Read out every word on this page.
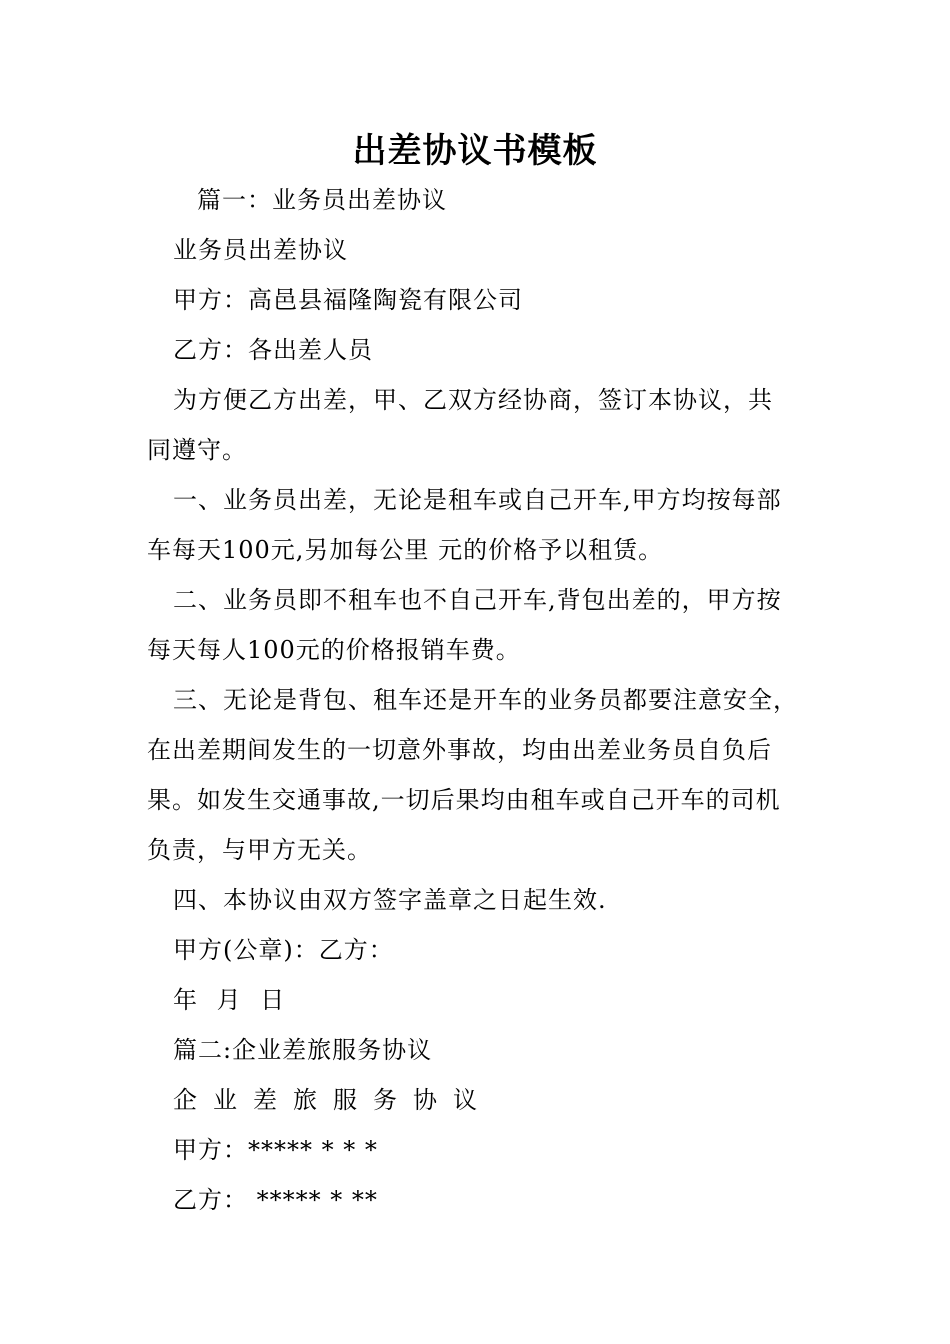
出差协议书模板
篇一：业务员出差协议
业务员出差协议
甲方：高邑县福隆陶瓷有限公司
乙方：各出差人员
为方便乙方出差，甲、乙双方经协商，签订本协议，共
同遵守。
一、业务员出差，无论是租车或自己开车,甲方均按每部
车每天100元,另加每公里 元的价格予以租赁。
二、业务员即不租车也不自己开车,背包出差的，甲方按
每天每人100元的价格报销车费。
三、无论是背包、租车还是开车的业务员都要注意安全，
在出差期间发生的一切意外事故，均由出差业务员自负后
果。如发生交通事故,一切后果均由租车或自己开车的司机
负责，与甲方无关。
四、本协议由双方签字盖章之日起生效.
甲方(公章)：乙方：
年 月 日
篇二:企业差旅服务协议
企业差旅服务协议
甲方：***** * * *
乙方： ***** * **
